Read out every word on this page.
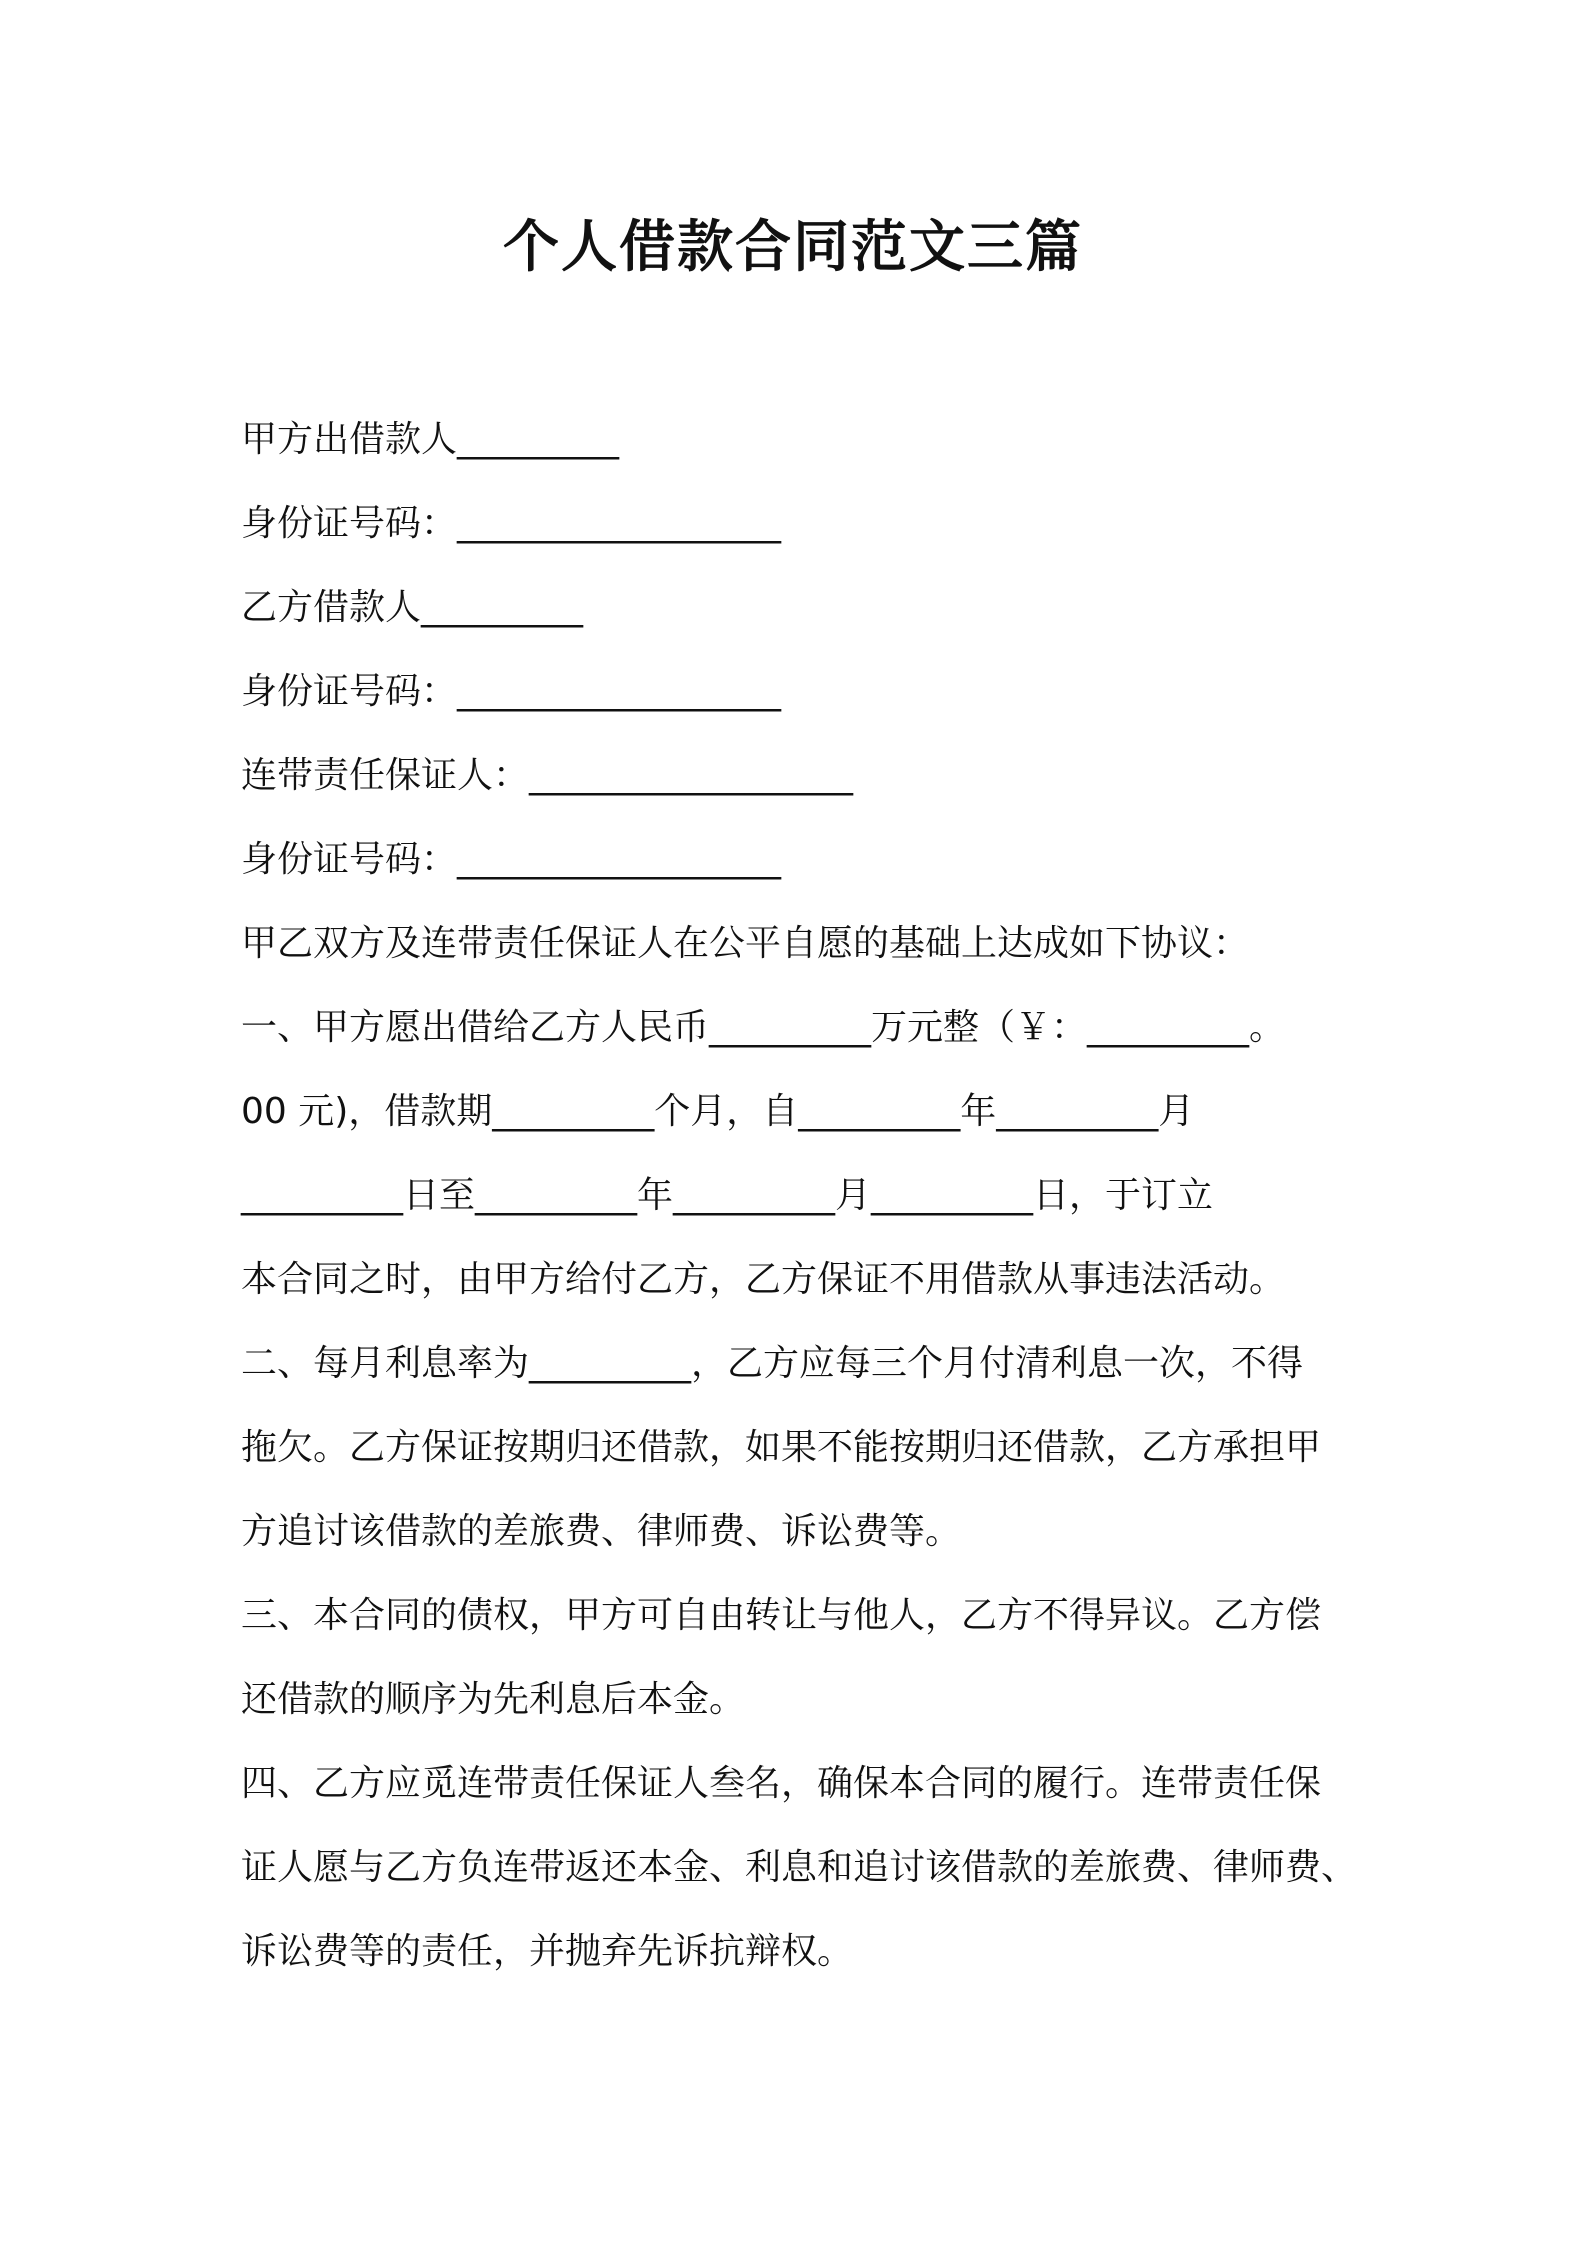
个人借款合同范文三篇

甲方出借款人_________

身份证号码：__________________

乙方借款人_________

身份证号码：__________________

连带责任保证人：__________________

身份证号码：__________________

甲乙双方及连带责任保证人在公平自愿的基础上达成如下协议：

一、甲方愿出借给乙方人民币_________万元整（￥：_________。

00 元)，借款期_________个月，自_________年_________月

_________日至_________年_________月_________日，于订立

本合同之时，由甲方给付乙方，乙方保证不用借款从事违法活动。

二、每月利息率为_________，乙方应每三个月付清利息一次，不得

拖欠。乙方保证按期归还借款，如果不能按期归还借款，乙方承担甲

方追讨该借款的差旅费、律师费、诉讼费等。

三、本合同的债权，甲方可自由转让与他人，乙方不得异议。乙方偿

还借款的顺序为先利息后本金。

四、乙方应觅连带责任保证人叁名，确保本合同的履行。连带责任保

证人愿与乙方负连带返还本金、利息和追讨该借款的差旅费、律师费、

诉讼费等的责任，并抛弃先诉抗辩权。
